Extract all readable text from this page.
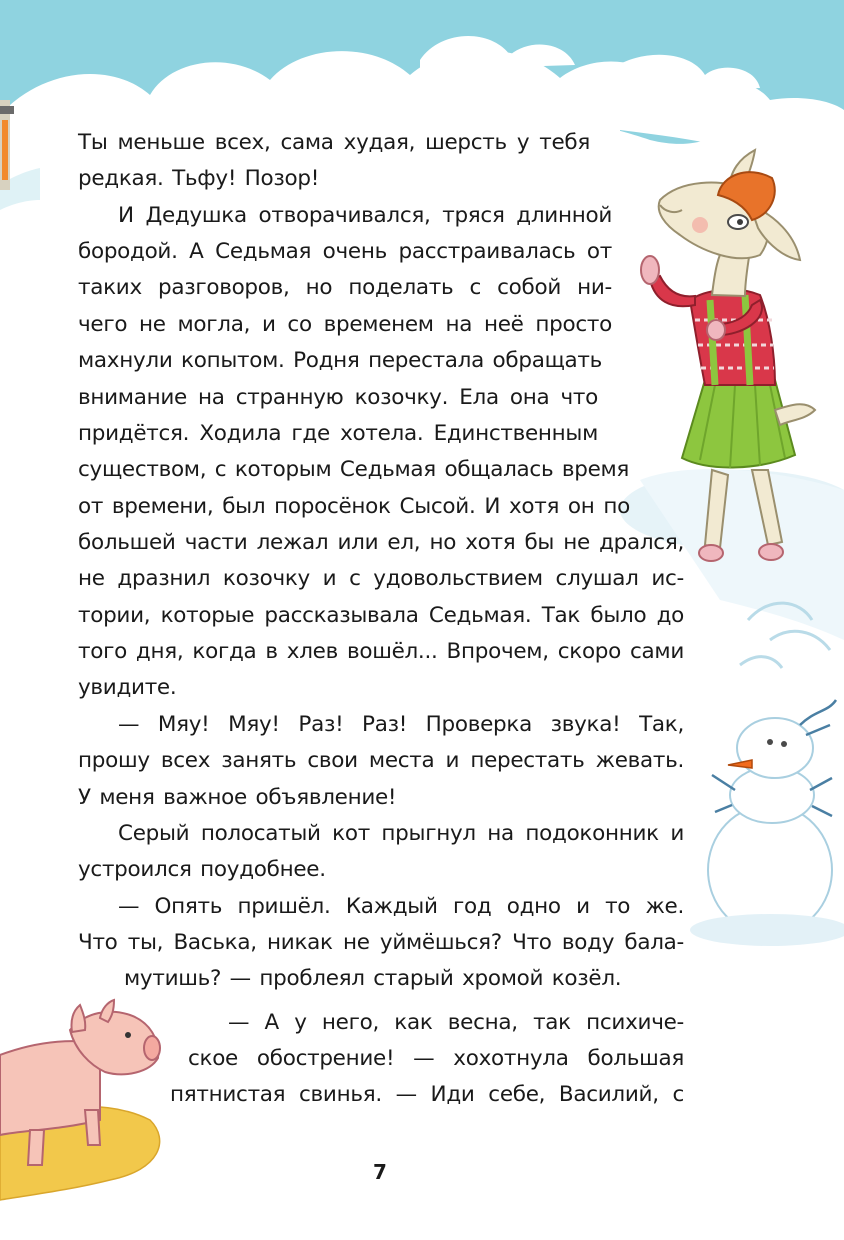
Ты меньше всех, сама худая, шерсть у тебя

редкая. Тьфу! Позор!

И Дедушка отворачивался, тряся длинной

бородой. А Седьмая очень расстраивалась от

таких разговоров, но поделать с собой ни-

чего не могла, и со временем на неё просто

махнули копытом. Родня перестала обращать

внимание на странную козочку. Ела она что

придётся. Ходила где хотела. Единственным

существом, с которым Седьмая общалась время

от времени, был поросёнок Сысой. И хотя он по

большей части лежал или ел, но хотя бы не дрался,

не дразнил козочку и с удовольствием слушал ис-

тории, которые рассказывала Седьмая. Так было до

того дня, когда в хлев вошёл... Впрочем, скоро сами

увидите.

— Мяу! Мяу! Раз! Раз! Проверка звука! Так,

прошу всех занять свои места и перестать жевать.

У меня важное объявление!

Серый полосатый кот прыгнул на подоконник и

устроился поудобнее.

— Опять пришёл. Каждый год одно и то же.

Что ты, Васька, никак не уймёшься? Что воду бала-

мутишь? — проблеял старый хромой козёл.

— А у него, как весна, так психиче-

ское обострение! — хохотнула большая

пятнистая свинья. — Иди себе, Василий, с

7
